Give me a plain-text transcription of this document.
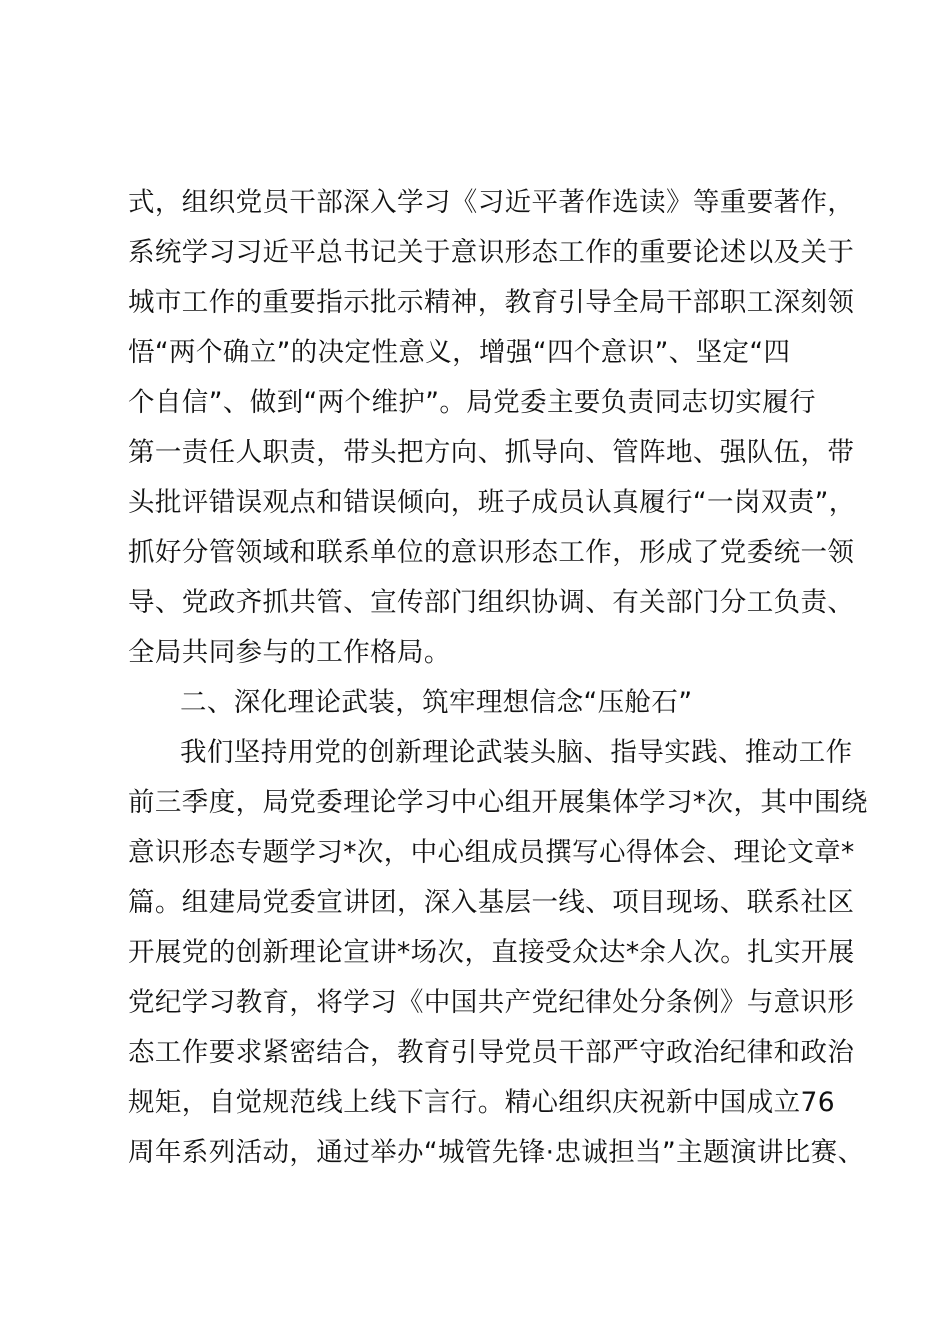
式，组织党员干部深入学习《习近平著作选读》等重要著作，
系统学习习近平总书记关于意识形态工作的重要论述以及关于
城市工作的重要指示批示精神，教育引导全局干部职工深刻领
悟“两个确立”的决定性意义，增强“四个意识”、坚定“四
个自信”、做到“两个维护”。局党委主要负责同志切实履行
第一责任人职责，带头把方向、抓导向、管阵地、强队伍，带
头批评错误观点和错误倾向，班子成员认真履行“一岗双责”，
抓好分管领域和联系单位的意识形态工作，形成了党委统一领
导、党政齐抓共管、宣传部门组织协调、有关部门分工负责、
全局共同参与的工作格局。
二、深化理论武装，筑牢理想信念“压舱石”
我们坚持用党的创新理论武装头脑、指导实践、推动工作
前三季度，局党委理论学习中心组开展集体学习*次，其中围绕
意识形态专题学习*次，中心组成员撰写心得体会、理论文章*
篇。组建局党委宣讲团，深入基层一线、项目现场、联系社区
开展党的创新理论宣讲*场次，直接受众达*余人次。扎实开展
党纪学习教育，将学习《中国共产党纪律处分条例》与意识形
态工作要求紧密结合，教育引导党员干部严守政治纪律和政治
规矩，自觉规范线上线下言行。精心组织庆祝新中国成立76
周年系列活动，通过举办“城管先锋·忠诚担当”主题演讲比赛、
